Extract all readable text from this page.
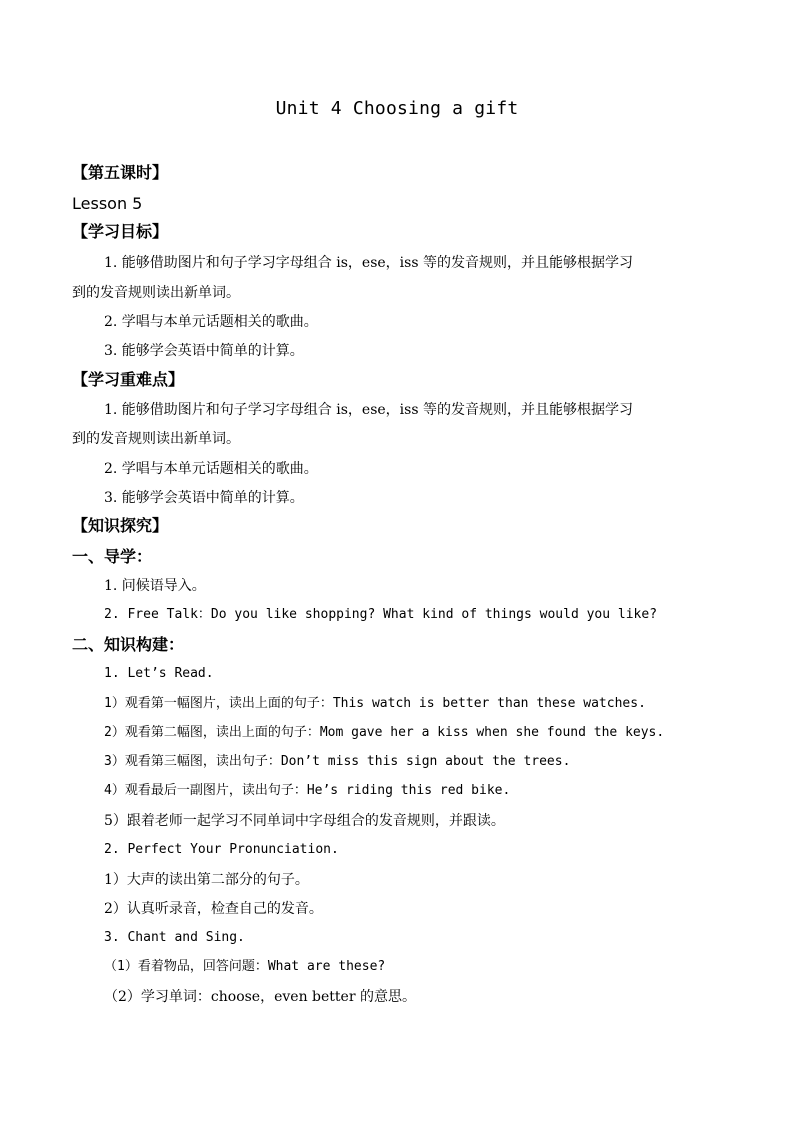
Unit 4 Choosing a gift
【第五课时】
Lesson 5
【学习目标】
1. 能够借助图片和句子学习字母组合 is，ese，iss 等的发音规则，并且能够根据学习
到的发音规则读出新单词。
2. 学唱与本单元话题相关的歌曲。
3. 能够学会英语中简单的计算。
【学习重难点】
1. 能够借助图片和句子学习字母组合 is，ese，iss 等的发音规则，并且能够根据学习
到的发音规则读出新单词。
2. 学唱与本单元话题相关的歌曲。
3. 能够学会英语中简单的计算。
【知识探究】
一、导学：
1. 问候语导入。
2. Free Talk：Do you like shopping? What kind of things would you like?
二、知识构建：
1. Let’s Read.
1）观看第一幅图片，读出上面的句子：This watch is better than these watches.
2）观看第二幅图，读出上面的句子：Mom gave her a kiss when she found the keys.
3）观看第三幅图，读出句子：Don’t miss this sign about the trees.
4）观看最后一副图片，读出句子：He’s riding this red bike.
5）跟着老师一起学习不同单词中字母组合的发音规则，并跟读。
2. Perfect Your Pronunciation.
1）大声的读出第二部分的句子。
2）认真听录音，检查自己的发音。
3. Chant and Sing.
（1）看着物品，回答问题：What are these?
（2）学习单词：choose，even better 的意思。
